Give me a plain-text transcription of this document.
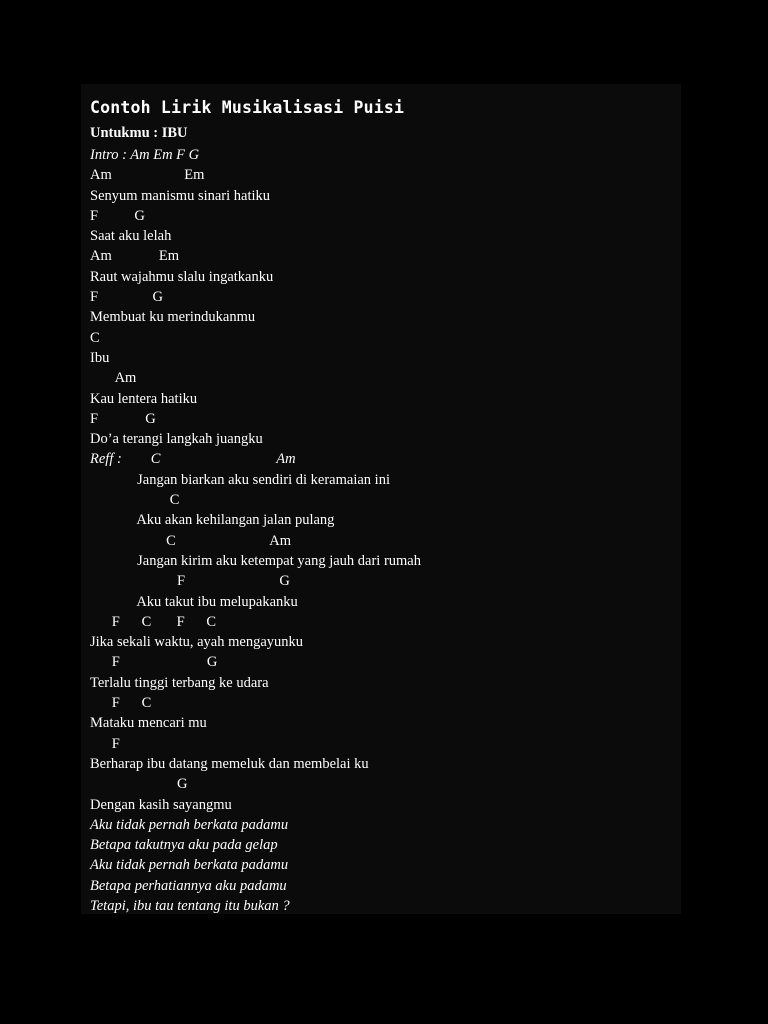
Contoh Lirik Musikalisasi Puisi
Untukmu : IBU
Intro : Am Em F G
Am                    Em
Senyum manismu sinari hatiku
F          G
Saat aku lelah
Am             Em
Raut wajahmu slalu ingatkanku
F               G
Membuat ku merindukanmu
C
Ibu
Am
Kau lentera hatiku
F             G
Do’a terangi langkah juangku
Reff :        C                                Am
Jangan biarkan aku sendiri di keramaian ini
C
Aku akan kehilangan jalan pulang
C                          Am
Jangan kirim aku ketempat yang jauh dari rumah
F                          G
Aku takut ibu melupakanku
F      C       F      C
Jika sekali waktu, ayah mengayunku
F                        G
Terlalu tinggi terbang ke udara
F      C
Mataku mencari mu
F
Berharap ibu datang memeluk dan membelai ku
G
Dengan kasih sayangmu
Aku tidak pernah berkata padamu
Betapa takutnya aku pada gelap
Aku tidak pernah berkata padamu
Betapa perhatiannya aku padamu
Tetapi, ibu tau tentang itu bukan ?
